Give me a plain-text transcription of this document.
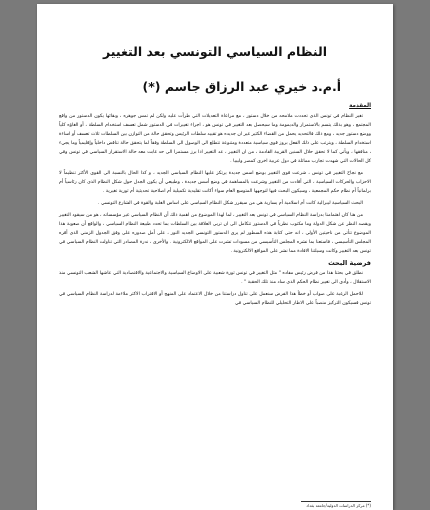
النظام السياسي التونسي بعد التغيير
أ.م.د خيري عبد الرزاق جاسم (*)
المقدمة

تغير النظام في تونس الذي تحددت ملامحه من خلال دستور ، مع مراعاة التعديلات التي طرأت عليه ولكن لم تمس جوهره ، وبقائها يكون الدستور من واقع المجتمع ، وهو بذلك يتسم بالاستمرار والديمومة وما سيحصل بعد التغيير في تونس هو ، اجراء تغييرات في الدستور شمل تعسف استخدام السلطة ، أو الغاؤه كلياً ووضع دستور جديد ، ومع ذلك فالتحديد يحمل من القضاء الكثير غير ان جديده هو تقييد سلطات الرئيس وتحقق حالة من التوازن بين السلطات ثلاث تعسف أو اساءة استخدام السلطة ، ويترتب على ذلك الفعل بروز قوى سياسية متعددة ومتنوعة تتطلع الى الوصول الى السلطة وفقاً لما يتحقق حالة تناقض داخلياً وإقليمياً وما يجيء ، منافقها ، ويأتي كما لا تحقق حلال السنين القريبة القادمة ، من ان التغيير ، عد التغيير اذا برز مستمرا الى حد غابت معه حالة الاستقرار السياسي في تونس وفي كل الحالات التي شهدت تجارب مماثلة في دول عربية اخرى كمصر وليبيا .

مع نجاح التغيير في تونس ، شرعت قوى التغيير بوضع اسس جديدة يرتكز عليها النظام السياسي الجديد ، و كذا الحال بالنسبة الى القوى الأكثر تنظيماً لا الاحزاب والحركات السياسية ، التي أفادت من التغيير وشرعت بالمساهمة في وضع أسس جديدة ، وطبيعي أن يكون الجدل حول شكل النظام الذي كان رئاسياً أم برلمانياً أم نظام حكم المجمعية ، وسيكون البحث فيها لتوجهها المتوسع العام سواء أكانت تقليدية تكميلية أم اصلاحية تحديثية أم ثورية تغيرية .

البحث السياسية ليبرالية كانت أم اسلامية أم يسارية هي من سيقرر شكل النظام السياسي على اساس الغلبة والقوة في الشارع التونسي .

من هنا كان اهتمامنا بدراسة النظام السياسي في تونس بعد التغيير ، لما لهذا الموضوع من اهمية ذلك أن النظام السياسي غير مؤسساته ، هو من سيقود التغيير ويقصد النظر عن شكل الدولة وما مكتوب نظرياً في الدستور تتكامل الى ان تربى العلاقة بين السلطات بما تحدد طبيعة النظام السياسي ، والواقع أن صعوبة هذا الموضوع تتأتى من ناحيتين الأولى ، انه حتى كتابة هذه السطور لم يرى الدستور التونسي الجديد النور ، على أمل صدوره على وفق الجدول الزمني الذي أقره المجلس التأسيسي ، فاستعنا بما نشره المجلس التأسيسي من مسودات تشرت على المواقع الالكترونية . والأخرى ، ندرة المصادر التي تناولت النظام السياسي في تونس بعد التغيير وكانت وسيلتنا الافادة مما نشر على المواقع الالكترونية .

فرضية البحث

نطلق في بحثنا هذا من فرض رئيس مفاده " مثل التغيير في تونس ثورة شعبية على الاوضاع السياسية والاجتماعية والاقتصادية التي عاشها الشعب التونسي منذ الاستقلال ، وأدى الى تغيير نظام الحكم الذي ساد منذ تلك الحقبة " .

للاحمل الرغبة على صواب أو خطأ هذا الفرض سنعمل على تناول دراستنا من خلال الاعتماد على المنهج أو الاقتراب الاكثر ملاءمة لدراسة النظام السياسي في تونس فسيكون التركيز منصباً على الاطار التحليلي للنظام السياسي في

(*) مركز الدراسات الدولية/جامعة بغداد
